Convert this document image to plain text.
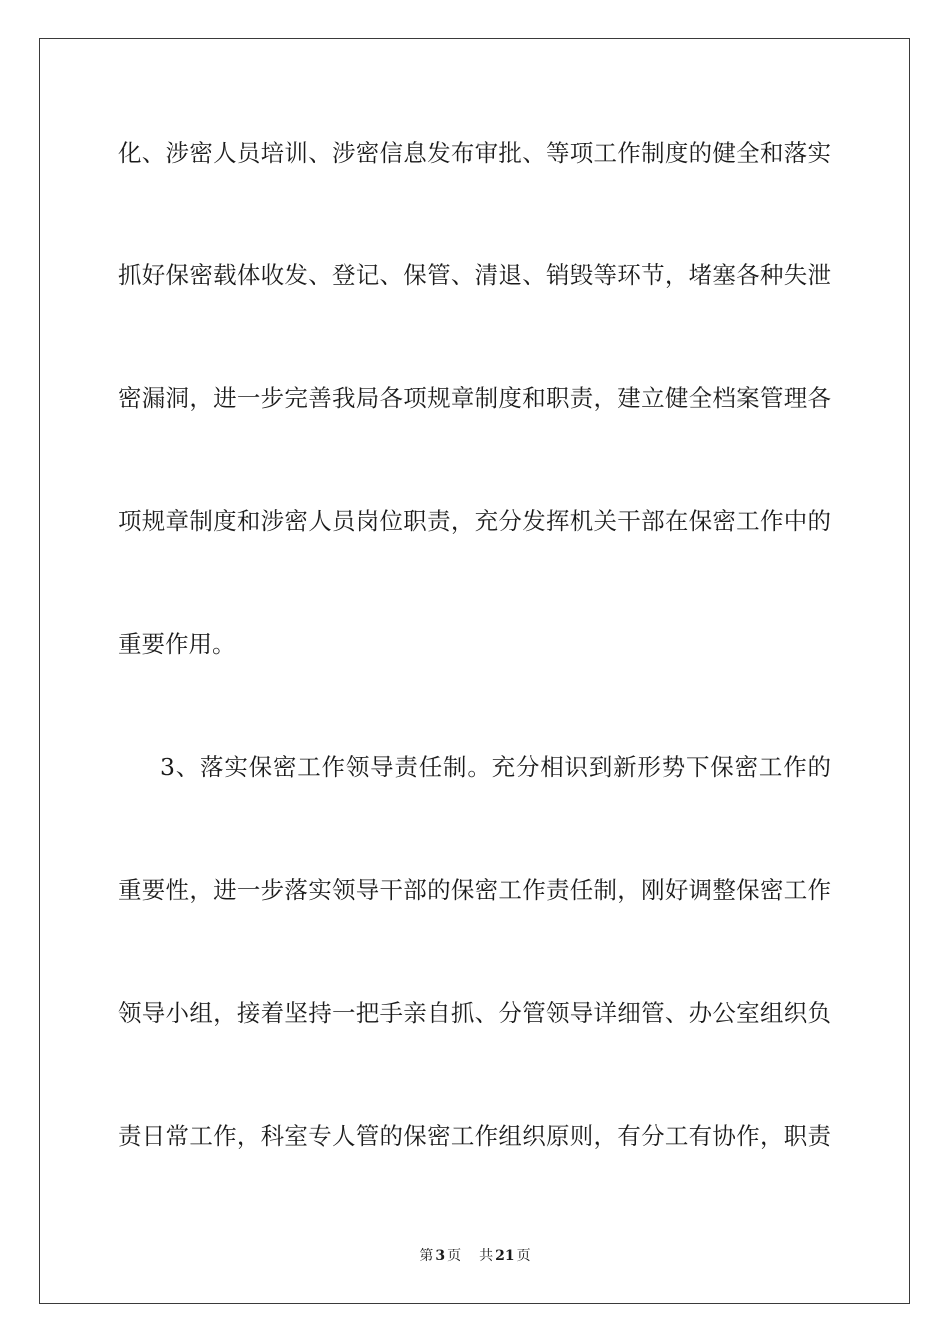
化、涉密人员培训、涉密信息发布审批、等项工作制度的健全和落实
抓好保密载体收发、登记、保管、清退、销毁等环节，堵塞各种失泄
密漏洞，进一步完善我局各项规章制度和职责，建立健全档案管理各
项规章制度和涉密人员岗位职责，充分发挥机关干部在保密工作中的
重要作用。
3、落实保密工作领导责任制。充分相识到新形势下保密工作的
重要性，进一步落实领导干部的保密工作责任制，刚好调整保密工作
领导小组，接着坚持一把手亲自抓、分管领导详细管、办公室组织负
责日常工作，科室专人管的保密工作组织原则，有分工有协作，职责
第 3 页 共 21 页
